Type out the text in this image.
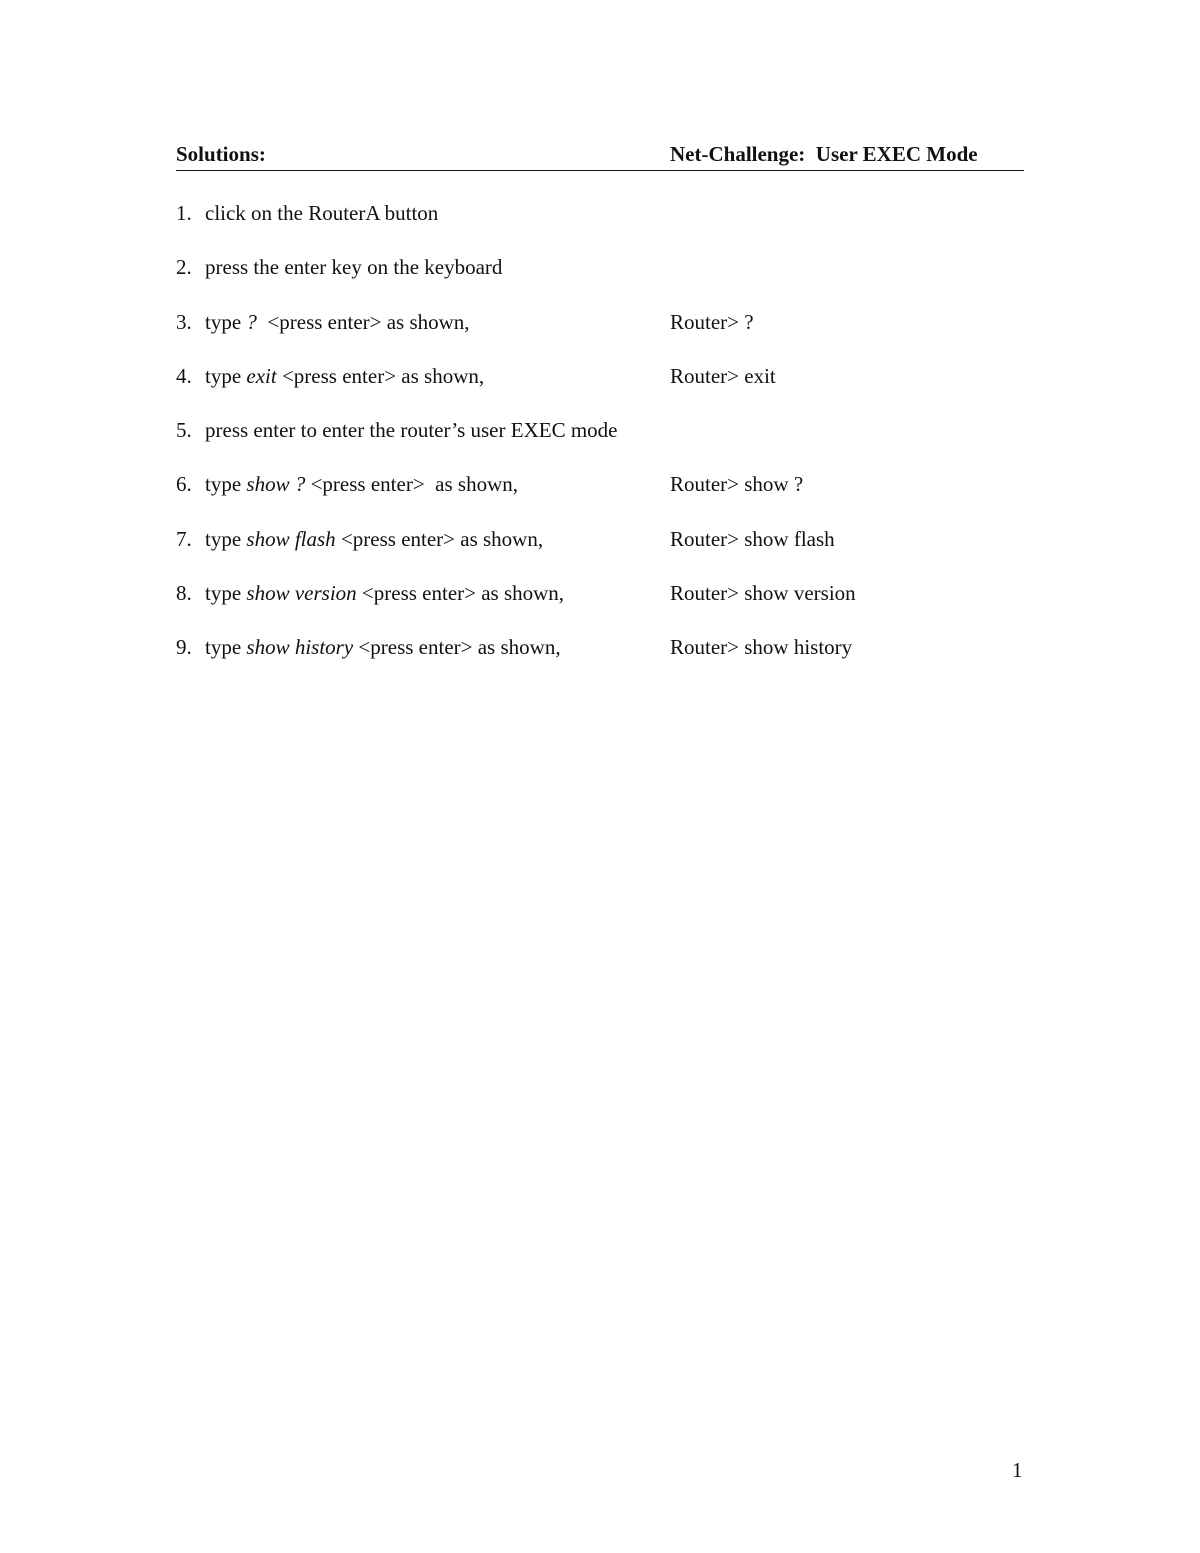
Solutions:	Net-Challenge:  User EXEC Mode
1. click on the RouterA button
2. press the enter key on the keyboard
3. type ?  <press enter> as shown,	Router> ?
4. type exit <press enter> as shown,	Router> exit
5. press enter to enter the router’s user EXEC mode
6. type show ? <press enter>  as shown,	Router> show ?
7. type show flash <press enter> as shown,	Router> show flash
8. type show version <press enter> as shown,	Router> show version
9. type show history <press enter> as shown,	Router> show history
1
